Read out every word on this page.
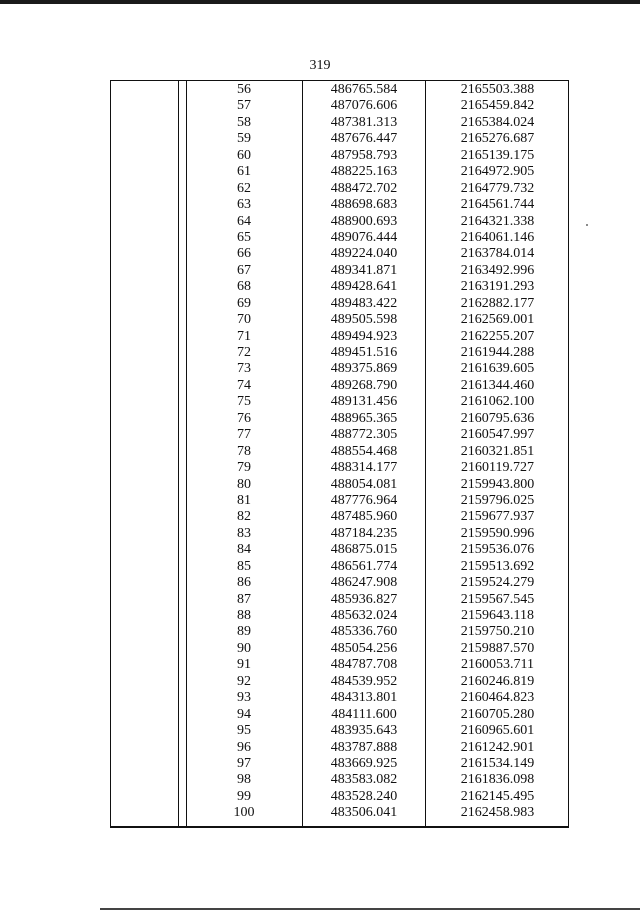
319
56	486765.584	2165503.388
57	487076.606	2165459.842
58	487381.313	2165384.024
59	487676.447	2165276.687
60	487958.793	2165139.175
61	488225.163	2164972.905
62	488472.702	2164779.732
63	488698.683	2164561.744
64	488900.693	2164321.338
65	489076.444	2164061.146
66	489224.040	2163784.014
67	489341.871	2163492.996
68	489428.641	2163191.293
69	489483.422	2162882.177
70	489505.598	2162569.001
71	489494.923	2162255.207
72	489451.516	2161944.288
73	489375.869	2161639.605
74	489268.790	2161344.460
75	489131.456	2161062.100
76	488965.365	2160795.636
77	488772.305	2160547.997
78	488554.468	2160321.851
79	488314.177	2160119.727
80	488054.081	2159943.800
81	487776.964	2159796.025
82	487485.960	2159677.937
83	487184.235	2159590.996
84	486875.015	2159536.076
85	486561.774	2159513.692
86	486247.908	2159524.279
87	485936.827	2159567.545
88	485632.024	2159643.118
89	485336.760	2159750.210
90	485054.256	2159887.570
91	484787.708	2160053.711
92	484539.952	2160246.819
93	484313.801	2160464.823
94	484111.600	2160705.280
95	483935.643	2160965.601
96	483787.888	2161242.901
97	483669.925	2161534.149
98	483583.082	2161836.098
99	483528.240	2162145.495
100	483506.041	2162458.983
